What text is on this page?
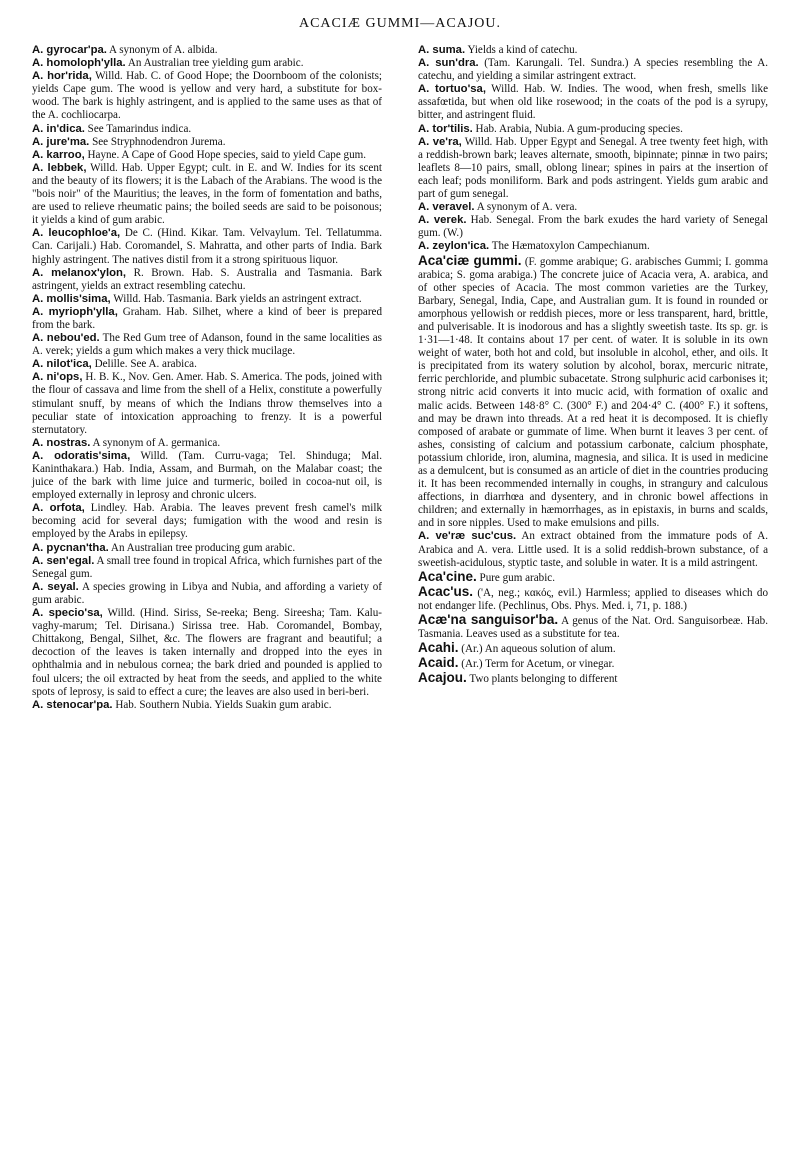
ACACIÆ GUMMI—ACAJOU.

A. gyrocar'pa. A synonym of A. albida.

A. homoloph'ylla. An Australian tree yielding gum arabic.

A. hor'rida, Willd. Hab. C. of Good Hope; the Doornboom of the colonists; yields Cape gum. The wood is yellow and very hard, a substitute for box-wood. The bark is highly astringent, and is applied to the same uses as that of the A. cochliocarpa.

A. in'dica. See Tamarindus indica.

A. jure'ma. See Stryphnodendron Jurema.

A. karroo, Hayne. A Cape of Good Hope species, said to yield Cape gum.

A. lebbek, Willd. Hab. Upper Egypt; cult. in E. and W. Indies for its scent and the beauty of its flowers; it is the Labach of the Arabians. The wood is the "bois noir" of the Mauritius; the leaves, in the form of fomentation and baths, are used to relieve rheumatic pains; the boiled seeds are said to be poisonous; it yields a kind of gum arabic.

A. leucophloe'a, De C. (Hind. Kikar. Tam. Velvaylum. Tel. Tellatumma. Can. Carijali.) Hab. Coromandel, S. Mahratta, and other parts of India. Bark highly astringent. The natives distil from it a strong spirituous liquor.

A. melanox'ylon, R. Brown. Hab. S. Australia and Tasmania. Bark astringent, yields an extract resembling catechu.

A. mollis'sima, Willd. Hab. Tasmania. Bark yields an astringent extract.

A. myrioph'ylla, Graham. Hab. Silhet, where a kind of beer is prepared from the bark.

A. nebou'ed. The Red Gum tree of Adanson, found in the same localities as A. verek; yields a gum which makes a very thick mucilage.

A. nilot'ica, Delille. See A. arabica.

A. ni'ops, H. B. K., Nov. Gen. Amer. Hab. S. America. The pods, joined with the flour of cassava and lime from the shell of a Helix, constitute a powerfully stimulant snuff, by means of which the Indians throw themselves into a peculiar state of intoxication approaching to frenzy. It is a powerful sternutatory.

A. nostras. A synonym of A. germanica.

A. odoratis'sima, Willd. (Tam. Curru-vaga; Tel. Shinduga; Mal. Kaninthakara.) Hab. India, Assam, and Burmah, on the Malabar coast; the juice of the bark with lime juice and turmeric, boiled in cocoa-nut oil, is employed externally in leprosy and chronic ulcers.

A. orfota, Lindley. Hab. Arabia. The leaves prevent fresh camel's milk becoming acid for several days; fumigation with the wood and resin is employed by the Arabs in epilepsy.

A. pycnan'tha. An Australian tree producing gum arabic.

A. sen'egal. A small tree found in tropical Africa, which furnishes part of the Senegal gum.

A. seyal. A species growing in Libya and Nubia, and affording a variety of gum arabic.

A. specio'sa, Willd. (Hind. Siriss, Se-reeka; Beng. Sireesha; Tam. Kalu-vaghy-marum; Tel. Dirisana.) Sirissa tree. Hab. Coromandel, Bombay, Chittakong, Bengal, Silhet, &c. The flowers are fragrant and beautiful; a decoction of the leaves is taken internally and dropped into the eyes in ophthalmia and in nebulous cornea; the bark dried and pounded is applied to foul ulcers; the oil extracted by heat from the seeds, and applied to the white spots of leprosy, is said to effect a cure; the leaves are also used in beri-beri.

A. stenocar'pa. Hab. Southern Nubia. Yields Suakin gum arabic.

A. suma. Yields a kind of catechu.

A. sun'dra. (Tam. Karungali. Tel. Sundra.) A species resembling the A. catechu, and yielding a similar astringent extract.

A. tortuo'sa, Willd. Hab. W. Indies. The wood, when fresh, smells like assafœtida, but when old like rosewood; in the coats of the pod is a syrupy, bitter, and astringent fluid.

A. tor'tilis. Hab. Arabia, Nubia. A gum-producing species.

A. ve'ra, Willd. Hab. Upper Egypt and Senegal. A tree twenty feet high, with a reddish-brown bark; leaves alternate, smooth, bipinnate; pinnæ in two pairs; leaflets 8—10 pairs, small, oblong linear; spines in pairs at the insertion of each leaf; pods moniliform. Bark and pods astringent. Yields gum arabic and part of gum senegal.

A. veravel. A synonym of A. vera.

A. verek. Hab. Senegal. From the bark exudes the hard variety of Senegal gum. (W.)

A. zeylon'ica. The Hæmatoxylon Campechianum.

Aca'ciæ gummi. (F. gomme arabique; G. arabisches Gummi; I. gomma arabica; S. goma arabiga.) The concrete juice of Acacia vera, A. arabica, and of other species of Acacia. The most common varieties are the Turkey, Barbary, Senegal, India, Cape, and Australian gum. It is found in rounded or amorphous yellowish or reddish pieces, more or less transparent, hard, brittle, and pulverisable. It is inodorous and has a slightly sweetish taste. Its sp. gr. is 1·31—1·48. It contains about 17 per cent. of water. It is soluble in its own weight of water, both hot and cold, but insoluble in alcohol, ether, and oils. It is precipitated from its watery solution by alcohol, borax, mercuric nitrate, ferric perchloride, and plumbic subacetate. Strong sulphuric acid carbonises it; strong nitric acid converts it into mucic acid, with formation of oxalic and malic acids. Between 148·8° C. (300° F.) and 204·4° C. (400° F.) it softens, and may be drawn into threads. At a red heat it is decomposed. It is chiefly composed of arabate or gummate of lime. When burnt it leaves 3 per cent. of ashes, consisting of calcium and potassium carbonate, calcium phosphate, potassium chloride, iron, alumina, magnesia, and silica. It is used in medicine as a demulcent, but is consumed as an article of diet in the countries producing it. It has been recommended internally in coughs, in strangury and calculous affections, in diarrhœa and dysentery, and in chronic bowel affections in children; and externally in hæmorrhages, as in epistaxis, in burns and scalds, and in sore nipples. Used to make emulsions and pills.

A. ve'ræ suc'cus. An extract obtained from the immature pods of A. Arabica and A. vera. Little used. It is a solid reddish-brown substance, of a sweetish-acidulous, styptic taste, and soluble in water. It is a mild astringent.

Aca'cine. Pure gum arabic.

Acac'us. ('A, neg.; κακός, evil.) Harmless; applied to diseases which do not endanger life. (Pechlinus, Obs. Phys. Med. i, 71, p. 188.)

Acæ'na sanguisor'ba. A genus of the Nat. Ord. Sanguisorbeæ. Hab. Tasmania. Leaves used as a substitute for tea.

Acahi. (Ar.) An aqueous solution of alum.

Acaid. (Ar.) Term for Acetum, or vinegar.

Acajou. Two plants belonging to different
